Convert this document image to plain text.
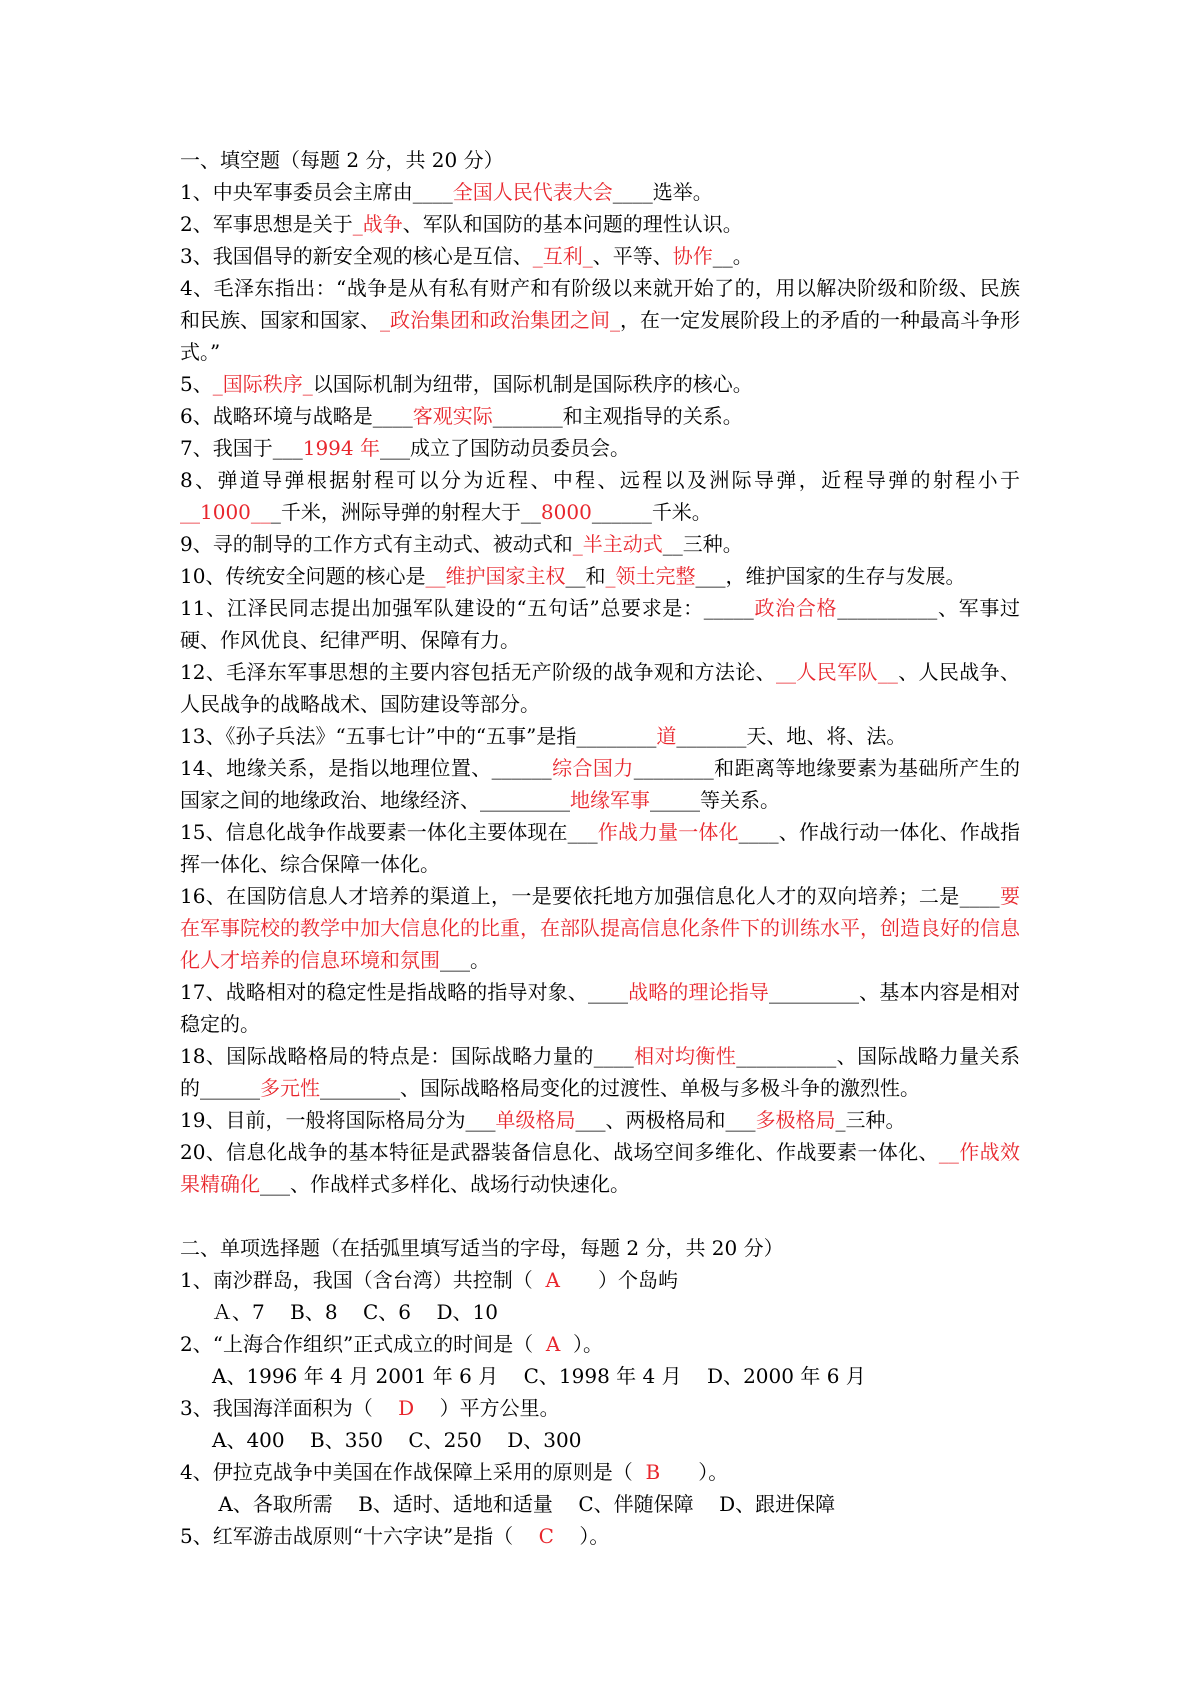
一、填空题（每题 2 分，共 20 分）
1、中央军事委员会主席由____全国人民代表大会____选举。
2、军事思想是关于_战争、军队和国防的基本问题的理性认识。
3、我国倡导的新安全观的核心是互信、_互利_、平等、协作__。
4、毛泽东指出：“战争是从有私有财产和有阶级以来就开始了的，用以解决阶级和阶级、民族和民族、国家和国家、_政治集团和政治集团之间_，在一定发展阶段上的矛盾的一种最高斗争形式。”
5、_国际秩序_以国际机制为纽带，国际机制是国际秩序的核心。
6、战略环境与战略是____客观实际_______和主观指导的关系。
7、我国于___1994 年___成立了国防动员委员会。
8、弹道导弹根据射程可以分为近程、中程、远程以及洲际导弹，近程导弹的射程小于__1000___千米，洲际导弹的射程大于__8000______千米。
9、寻的制导的工作方式有主动式、被动式和_半主动式__三种。
10、传统安全问题的核心是__维护国家主权__和_领土完整___，维护国家的生存与发展。
11、江泽民同志提出加强军队建设的“五句话”总要求是：_____政治合格__________、军事过硬、作风优良、纪律严明、保障有力。
12、毛泽东军事思想的主要内容包括无产阶级的战争观和方法论、__人民军队__、人民战争、人民战争的战略战术、国防建设等部分。
13、《孙子兵法》“五事七计”中的“五事”是指________道_______天、地、将、法。
14、地缘关系，是指以地理位置、______综合国力________和距离等地缘要素为基础所产生的国家之间的地缘政治、地缘经济、_________地缘军事_____等关系。
15、信息化战争作战要素一体化主要体现在___作战力量一体化____、作战行动一体化、作战指挥一体化、综合保障一体化。
16、在国防信息人才培养的渠道上，一是要依托地方加强信息化人才的双向培养；二是____要在军事院校的教学中加大信息化的比重，在部队提高信息化条件下的训练水平，创造良好的信息化人才培养的信息环境和氛围___。
17、战略相对的稳定性是指战略的指导对象、____战略的理论指导_________、基本内容是相对稳定的。
18、国际战略格局的特点是：国际战略力量的____相对均衡性__________、国际战略力量关系的______多元性________、国际战略格局变化的过渡性、单极与多极斗争的激烈性。
19、目前，一般将国际格局分为___单级格局___、两极格局和___多极格局_三种。
20、信息化战争的基本特征是武器装备信息化、战场空间多维化、作战要素一体化、__作战效果精确化___、作战样式多样化、战场行动快速化。
二、单项选择题（在括弧里填写适当的字母，每题 2 分，共 20 分）
1、南沙群岛，我国（含台湾）共控制（  A      ）个岛屿
Ａ、7    B、8    C、6    D、10
2、“上海合作组织”正式成立的时间是（  A  ）。
A、1996 年 4 月 2001 年 6 月    C、1998 年 4 月    D、2000 年 6 月
3、我国海洋面积为（    D    ）平方公里。
A、400    B、350    C、250    D、300
4、伊拉克战争中美国在作战保障上采用的原则是（  B      ）。
A、各取所需    B、适时、适地和适量    C、伴随保障    D、跟进保障
5、红军游击战原则“十六字诀”是指（    C    ）。
